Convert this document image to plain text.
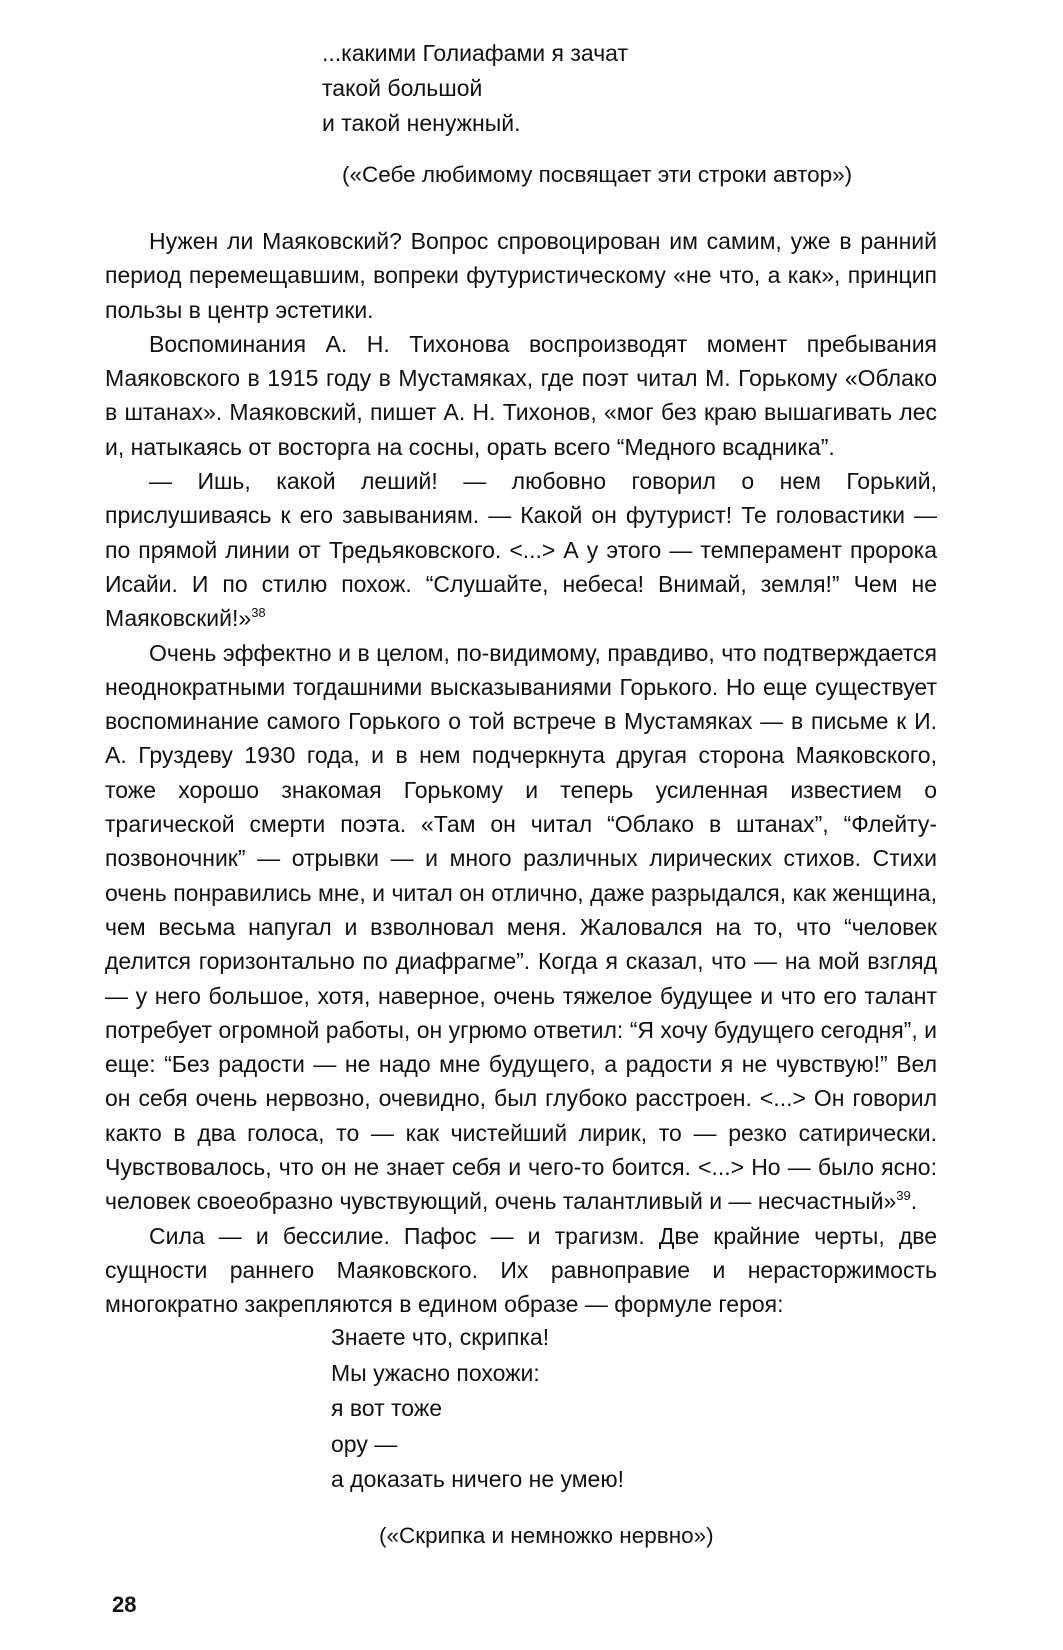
...какими Голиафами я зачат
такой большой
и такой ненужный.
(«Себе любимому посвящает эти строки автор»)

Нужен ли Маяковский? Вопрос спровоцирован им самим, уже в ранний период перемещавшим, вопреки футуристическому «не что, а как», принцип пользы в центр эстетики.

Воспоминания А. Н. Тихонова воспроизводят момент пребывания Маяковского в 1915 году в Мустамяках, где поэт читал М. Горькому «Облако в штанах». Маяковский, пишет А. Н. Тихонов, «мог без краю вышагивать лес и, натыкаясь от восторга на сосны, орать всего “Медного всадника”.

— Ишь, какой леший! — любовно говорил о нем Горький, прислушиваясь к его завываниям. — Какой он футурист! Те головастики — по прямой линии от Тредьяковского. <...> А у этого — темперамент пророка Исайи. И по стилю похож. “Слушайте, небеса! Внимай, земля!” Чем не Маяковский!»$^{38}$

Очень эффектно и в целом, по-видимому, правдиво, что подтверждается неоднократными тогдашними высказываниями Горького. Но еще существует воспоминание самого Горького о той встрече в Мустамяках — в письме к И. А. Груздеву 1930 года, и в нем подчеркнута другая сторона Маяковского, тоже хорошо знакомая Горькому и теперь усиленная известием о трагической смерти поэта. «Там он читал “Облако в штанах”, “Флейту-позвоночник” — отрывки — и много различных лирических стихов. Стихи очень понравились мне, и читал он отлично, даже разрыдался, как женщина, чем весьма напугал и взволновал меня. Жаловался на то, что “человек делится горизонтально по диафрагме”. Когда я сказал, что — на мой взгляд — у него большое, хотя, наверное, очень тяжелое будущее и что его талант потребует огромной работы, он угрюмо ответил: “Я хочу будущего сегодня”, и еще: “Без радости — не надо мне будущего, а радости я не чувствую!” Вел он себя очень нервозно, очевидно, был глубоко расстроен. <...> Он говорил както в два голоса, то — как чистейший лирик, то — резко сатирически. Чувствовалось, что он не знает себя и чего-то боится. <...> Но — было ясно: человек своеобразно чувствующий, очень талантливый и — несчастный»$^{39}$.

Сила — и бессилие. Пафос — и трагизм. Две крайние черты, две сущности раннего Маяковского. Их равноправие и нерасторжимость многократно закрепляются в едином образе — формуле героя:

Знаете что, скрипка!
Мы ужасно похожи:
я вот тоже
ору —
а доказать ничего не умею!
(«Скрипка и немножко нервно»)
28
